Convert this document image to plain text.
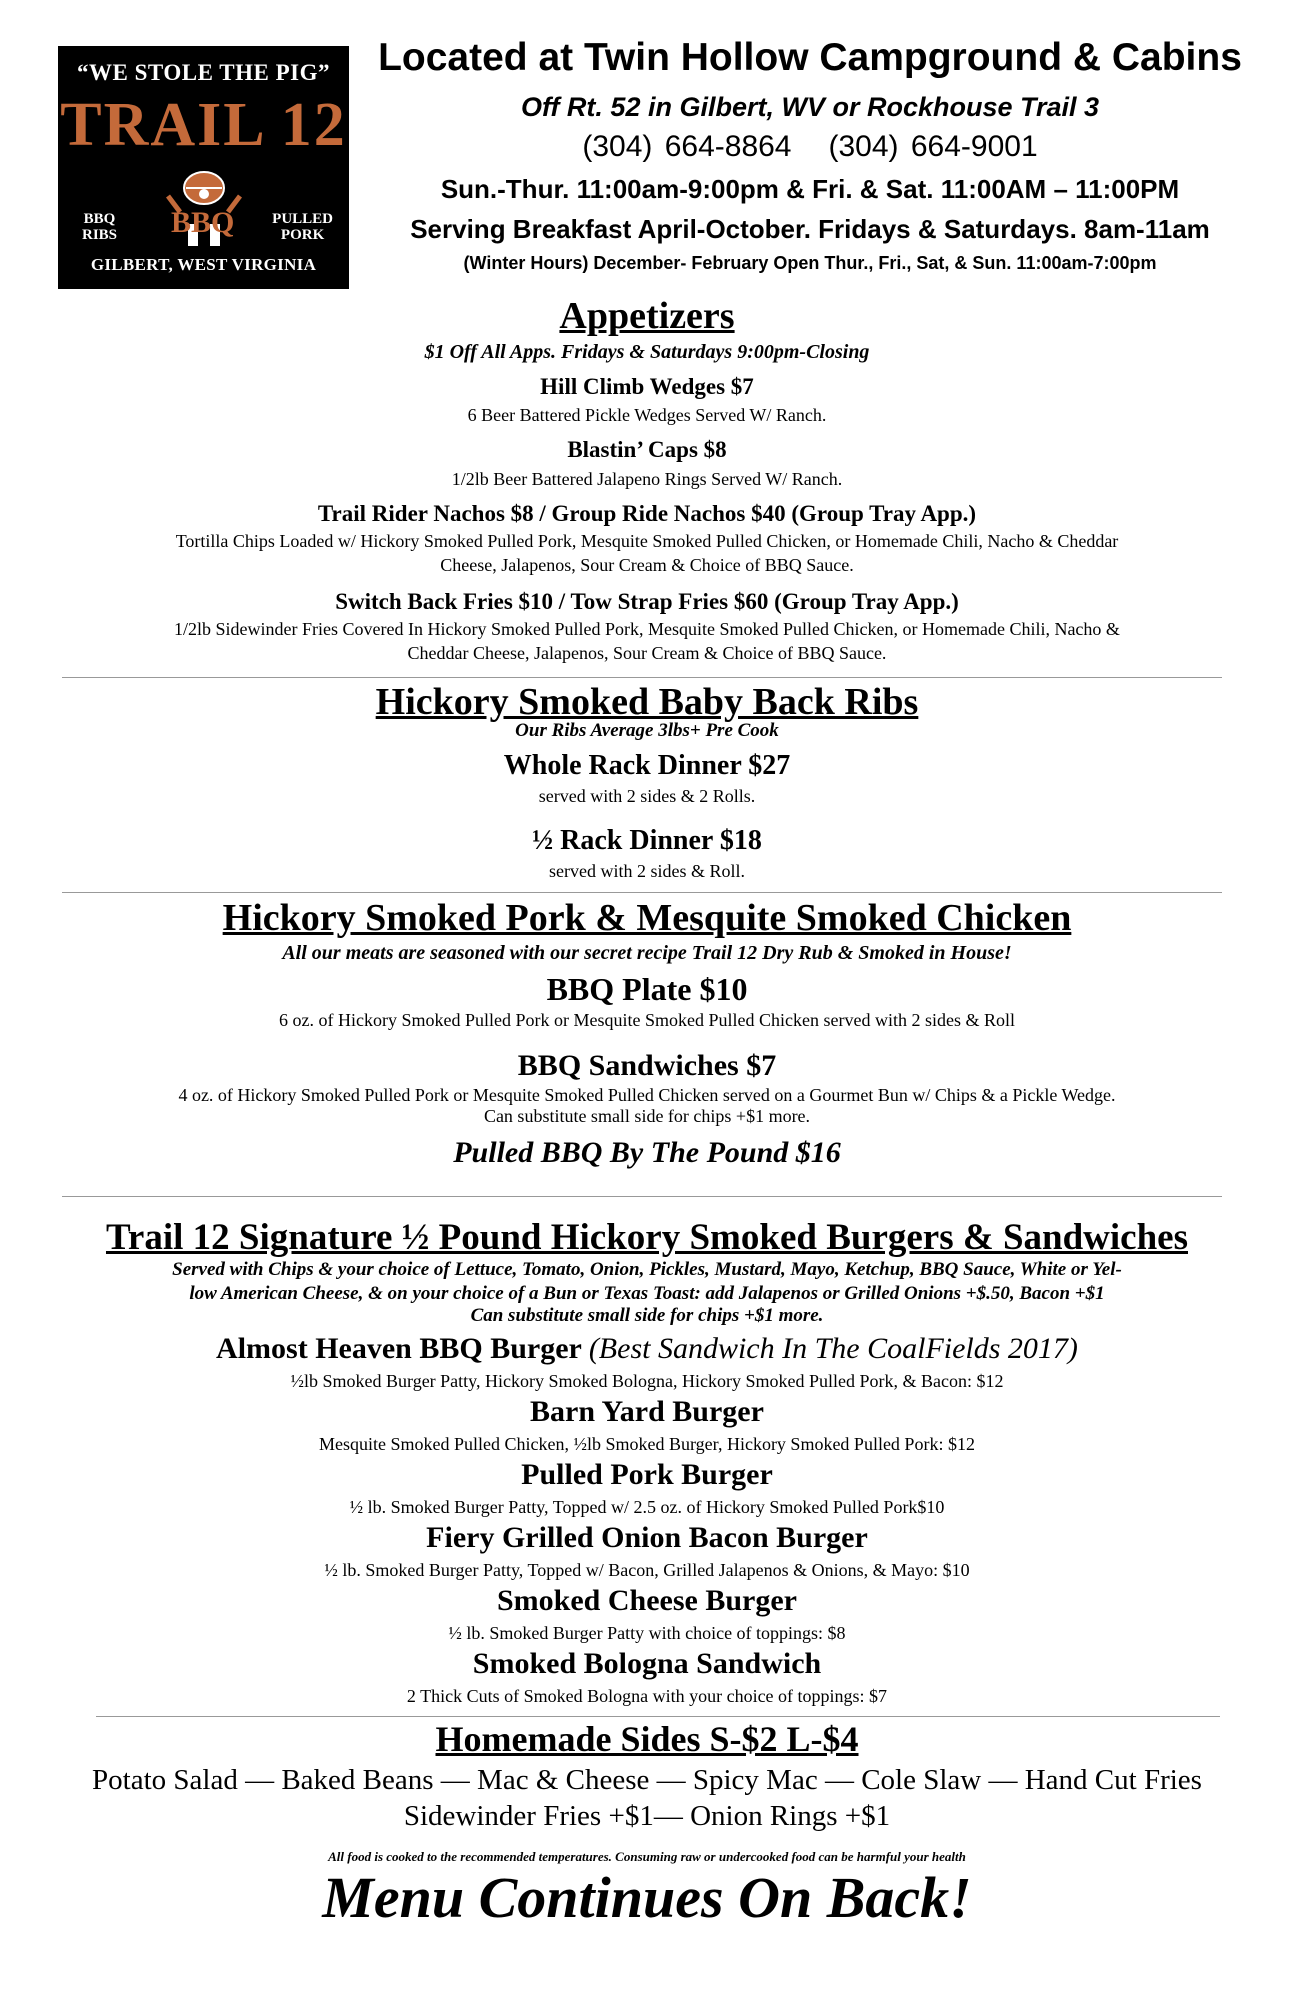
“WE STOLE THE PIG”
TRAIL 12
BBQ
BBQ
RIBS
PULLED
PORK
GILBERT, WEST VIRGINIA
Located at Twin Hollow Campground & Cabins
Off Rt. 52 in Gilbert, WV or Rockhouse Trail 3
(304) 664-8864   (304) 664-9001
Sun.-Thur. 11:00am-9:00pm & Fri. & Sat. 11:00AM – 11:00PM
Serving Breakfast April-October. Fridays & Saturdays. 8am-11am
(Winter Hours) December- February Open Thur., Fri., Sat, & Sun. 11:00am-7:00pm
Appetizers
$1 Off All Apps. Fridays & Saturdays 9:00pm-Closing
Hill Climb Wedges $7
6 Beer Battered Pickle Wedges Served W/ Ranch.
Blastin’ Caps $8
1/2lb Beer Battered Jalapeno Rings Served W/ Ranch.
Trail Rider Nachos $8 / Group Ride Nachos $40 (Group Tray App.)
Tortilla Chips Loaded w/ Hickory Smoked Pulled Pork, Mesquite Smoked Pulled Chicken, or Homemade Chili, Nacho & Cheddar
Cheese, Jalapenos, Sour Cream & Choice of BBQ Sauce.
Switch Back Fries $10 / Tow Strap Fries $60 (Group Tray App.)
1/2lb Sidewinder Fries Covered In Hickory Smoked Pulled Pork, Mesquite Smoked Pulled Chicken, or Homemade Chili, Nacho &
Cheddar Cheese, Jalapenos, Sour Cream & Choice of BBQ Sauce.
Hickory Smoked Baby Back Ribs
Our Ribs Average 3lbs+ Pre Cook
Whole Rack Dinner $27
served with 2 sides & 2 Rolls.
½ Rack Dinner $18
served with 2 sides & Roll.
Hickory Smoked Pork & Mesquite Smoked Chicken
All our meats are seasoned with our secret recipe Trail 12 Dry Rub & Smoked in House!
BBQ Plate $10
6 oz. of Hickory Smoked Pulled Pork or Mesquite Smoked Pulled Chicken served with 2 sides & Roll
BBQ Sandwiches $7
4 oz. of Hickory Smoked Pulled Pork or Mesquite Smoked Pulled Chicken served on a Gourmet Bun w/ Chips & a Pickle Wedge.
Can substitute small side for chips +$1 more.
Pulled BBQ By The Pound $16
Trail 12 Signature ½ Pound Hickory Smoked Burgers & Sandwiches
Served with Chips & your choice of Lettuce, Tomato, Onion, Pickles, Mustard, Mayo, Ketchup, BBQ Sauce, White or Yel-
low American Cheese, & on your choice of a Bun or Texas Toast: add Jalapenos or Grilled Onions +$.50, Bacon +$1
Can substitute small side for chips +$1 more.
Almost Heaven BBQ Burger (Best Sandwich In The CoalFields 2017)
½lb Smoked Burger Patty, Hickory Smoked Bologna, Hickory Smoked Pulled Pork, & Bacon: $12
Barn Yard Burger
Mesquite Smoked Pulled Chicken, ½lb Smoked Burger, Hickory Smoked Pulled Pork: $12
Pulled Pork Burger
½ lb. Smoked Burger Patty, Topped w/ 2.5 oz. of Hickory Smoked Pulled Pork$10
Fiery Grilled Onion Bacon Burger
½ lb. Smoked Burger Patty, Topped w/ Bacon, Grilled Jalapenos & Onions, & Mayo: $10
Smoked Cheese Burger
½ lb. Smoked Burger Patty with choice of toppings: $8
Smoked Bologna Sandwich
2 Thick Cuts of Smoked Bologna with your choice of toppings: $7
Homemade Sides S-$2 L-$4
Potato Salad — Baked Beans — Mac & Cheese — Spicy Mac — Cole Slaw — Hand Cut Fries
Sidewinder Fries +$1— Onion Rings +$1
All food is cooked to the recommended temperatures. Consuming raw or undercooked food can be harmful your health
Menu Continues On Back!
